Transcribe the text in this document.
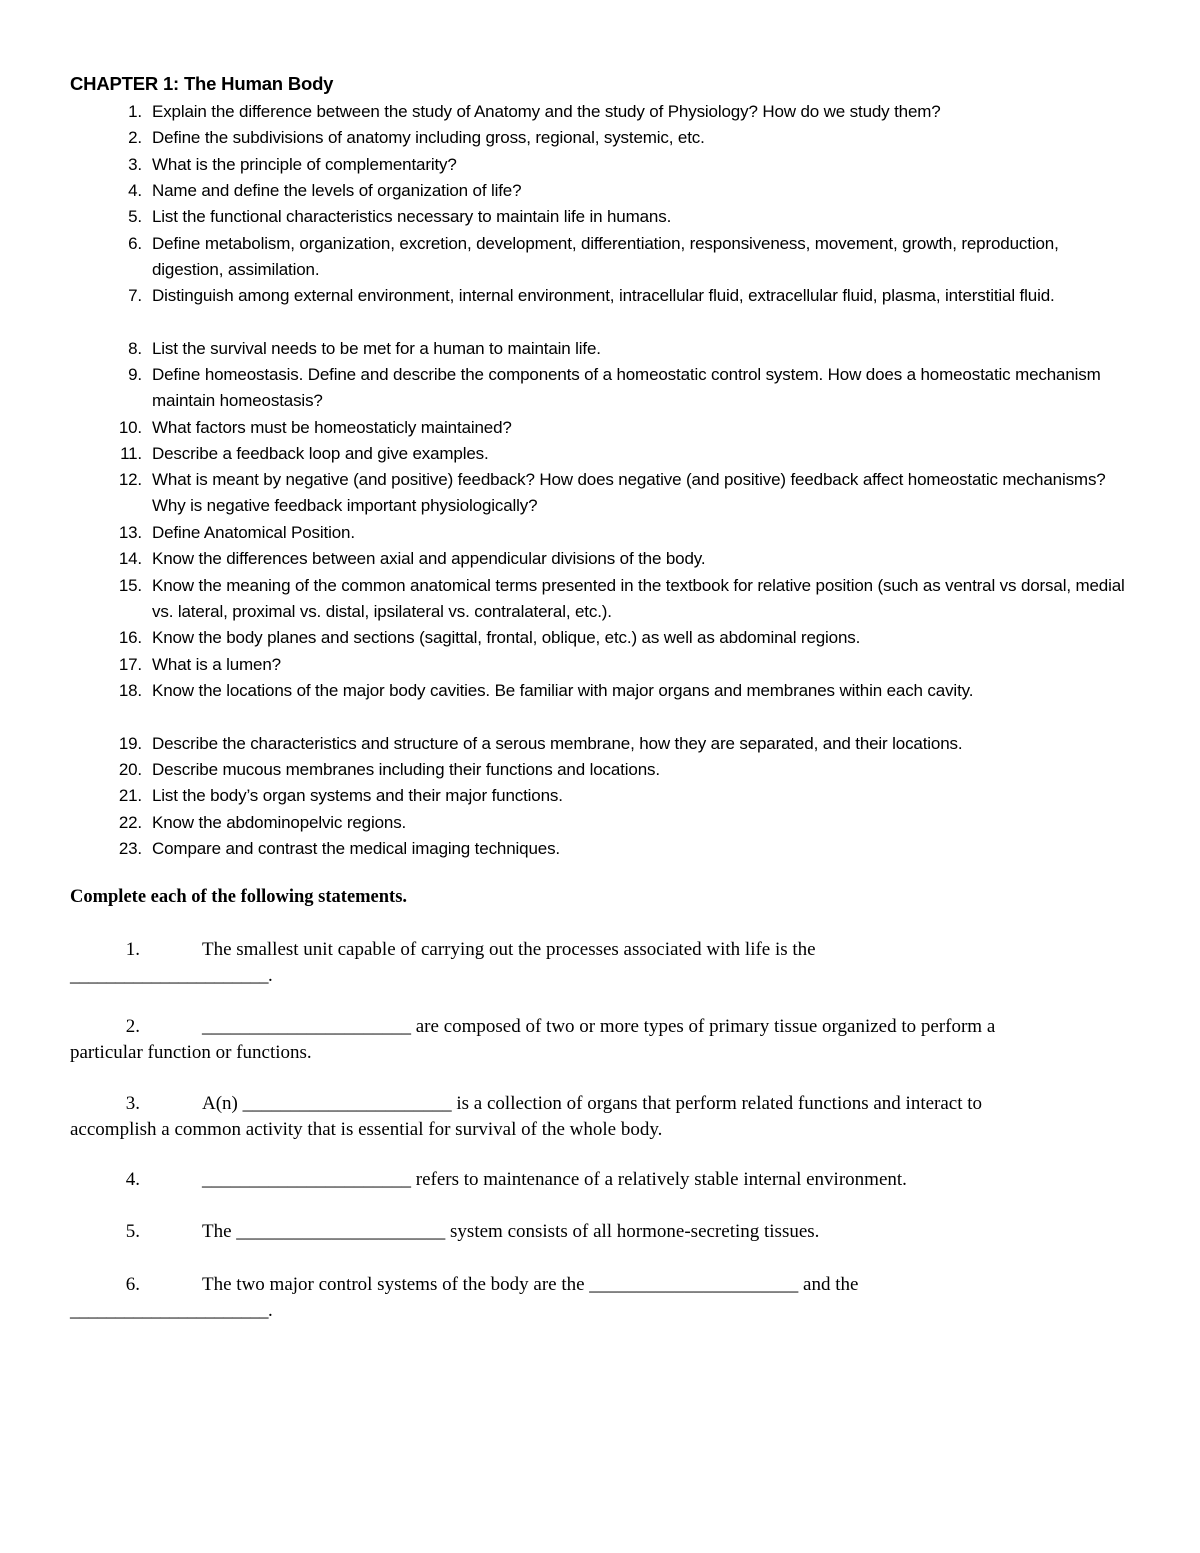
CHAPTER 1: The Human Body
1. Explain the difference between the study of Anatomy and the study of Physiology? How do we study them?
2. Define the subdivisions of anatomy including gross, regional, systemic, etc.
3. What is the principle of complementarity?
4. Name and define the levels of organization of life?
5. List the functional characteristics necessary to maintain life in humans.
6. Define metabolism, organization, excretion, development, differentiation, responsiveness, movement, growth, reproduction, digestion, assimilation.
7. Distinguish among external environment, internal environment, intracellular fluid, extracellular fluid, plasma, interstitial fluid.
8. List the survival needs to be met for a human to maintain life.
9. Define homeostasis. Define and describe the components of a homeostatic control system. How does a homeostatic mechanism maintain homeostasis?
10. What factors must be homeostaticly maintained?
11. Describe a feedback loop and give examples.
12. What is meant by negative (and positive) feedback? How does negative (and positive) feedback affect homeostatic mechanisms? Why is negative feedback important physiologically?
13. Define Anatomical Position.
14. Know the differences between axial and appendicular divisions of the body.
15. Know the meaning of the common anatomical terms presented in the textbook for relative position (such as ventral vs dorsal, medial vs. lateral, proximal vs. distal, ipsilateral vs. contralateral, etc.).
16. Know the body planes and sections (sagittal, frontal, oblique, etc.) as well as abdominal regions.
17. What is a lumen?
18. Know the locations of the major body cavities. Be familiar with major organs and membranes within each cavity.
19. Describe the characteristics and structure of a serous membrane, how they are separated, and their locations.
20. Describe mucous membranes including their functions and locations.
21. List the body’s organ systems and their major functions.
22. Know the abdominopelvic regions.
23. Compare and contrast the medical imaging techniques.
Complete each of the following statements.
1.	The smallest unit capable of carrying out the processes associated with life is the
______________________.
2.	______________________ are composed of two or more types of primary tissue organized to perform a
particular function or functions.
3.	A(n) ______________________ is a collection of organs that perform related functions and interact to
accomplish a common activity that is essential for survival of the whole body.
4.	______________________ refers to maintenance of a relatively stable internal environment.
5.	The ______________________ system consists of all hormone-secreting tissues.
6.	The two major control systems of the body are the ______________________ and the
______________________.
